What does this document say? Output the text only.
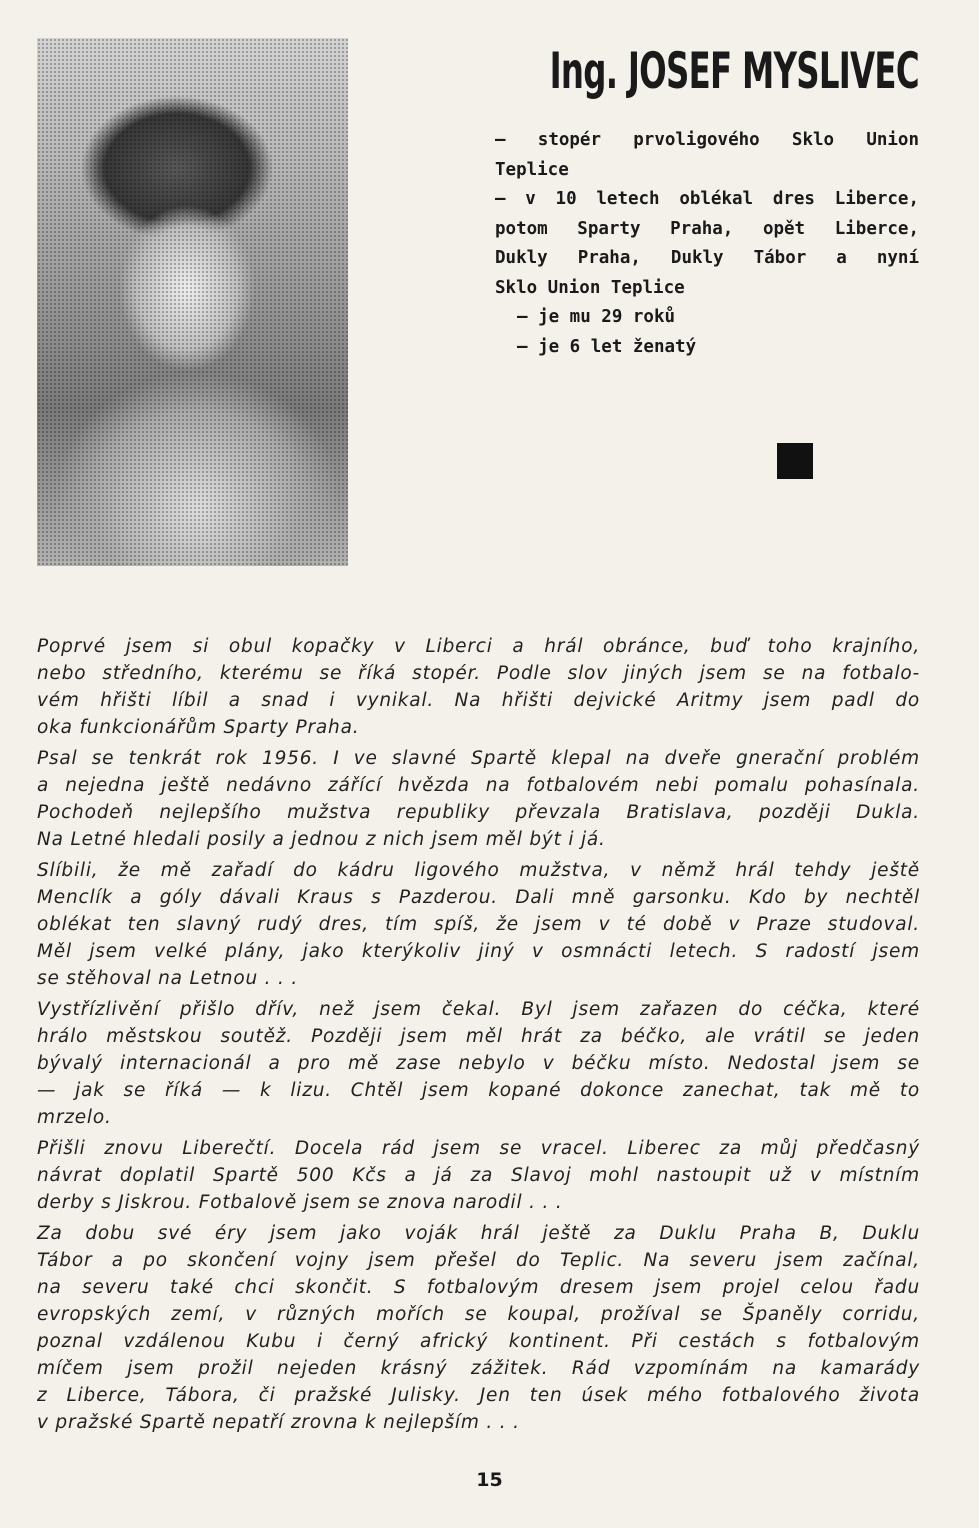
Ing. JOSEF MYSLIVEC
— stopér prvoligového Sklo Union
Teplice
— v 10 letech oblékal dres Liberce,
potom Sparty Praha, opět Liberce,
Dukly Praha, Dukly Tábor a nyní
Sklo Union Teplice
— je mu 29 roků
— je 6 let ženatý

Poprvé jsem si obul kopačky v Liberci a hrál obránce, buď toho krajního,
nebo středního, kterému se říká stopér. Podle slov jiných jsem se na fotbalo-
vém hřišti líbil a snad i vynikal. Na hřišti dejvické Aritmy jsem padl do
oka funkcionářům Sparty Praha.

Psal se tenkrát rok 1956. I ve slavné Spartě klepal na dveře gnerační problém
a nejedna ještě nedávno zářící hvězda na fotbalovém nebi pomalu pohasínala.
Pochodeň nejlepšího mužstva republiky převzala Bratislava, později Dukla.
Na Letné hledali posily a jednou z nich jsem měl být i já.

Slíbili, že mě zařadí do kádru ligového mužstva, v němž hrál tehdy ještě
Menclík a góly dávali Kraus s Pazderou. Dali mně garsonku. Kdo by nechtěl
oblékat ten slavný rudý dres, tím spíš, že jsem v té době v Praze studoval.
Měl jsem velké plány, jako kterýkoliv jiný v osmnácti letech. S radostí jsem
se stěhoval na Letnou . . .

Vystřízlivění přišlo dřív, než jsem čekal. Byl jsem zařazen do céčka, které
hrálo městskou soutěž. Později jsem měl hrát za béčko, ale vrátil se jeden
bývalý internacionál a pro mě zase nebylo v béčku místo. Nedostal jsem se
— jak se říká — k lizu. Chtěl jsem kopané dokonce zanechat, tak mě to
mrzelo.

Přišli znovu Liberečtí. Docela rád jsem se vracel. Liberec za můj předčasný
návrat doplatil Spartě 500 Kčs a já za Slavoj mohl nastoupit už v místním
derby s Jiskrou. Fotbalově jsem se znova narodil . . .

Za dobu své éry jsem jako voják hrál ještě za Duklu Praha B, Duklu
Tábor a po skončení vojny jsem přešel do Teplic. Na severu jsem začínal,
na severu také chci skončit. S fotbalovým dresem jsem projel celou řadu
evropských zemí, v různých mořích se koupal, prožíval se Španěly corridu,
poznal vzdálenou Kubu i černý africký kontinent. Při cestách s fotbalovým
míčem jsem prožil nejeden krásný zážitek. Rád vzpomínám na kamarády
z Liberce, Tábora, či pražské Julisky. Jen ten úsek mého fotbalového života
v pražské Spartě nepatří zrovna k nejlepším . . .

15
